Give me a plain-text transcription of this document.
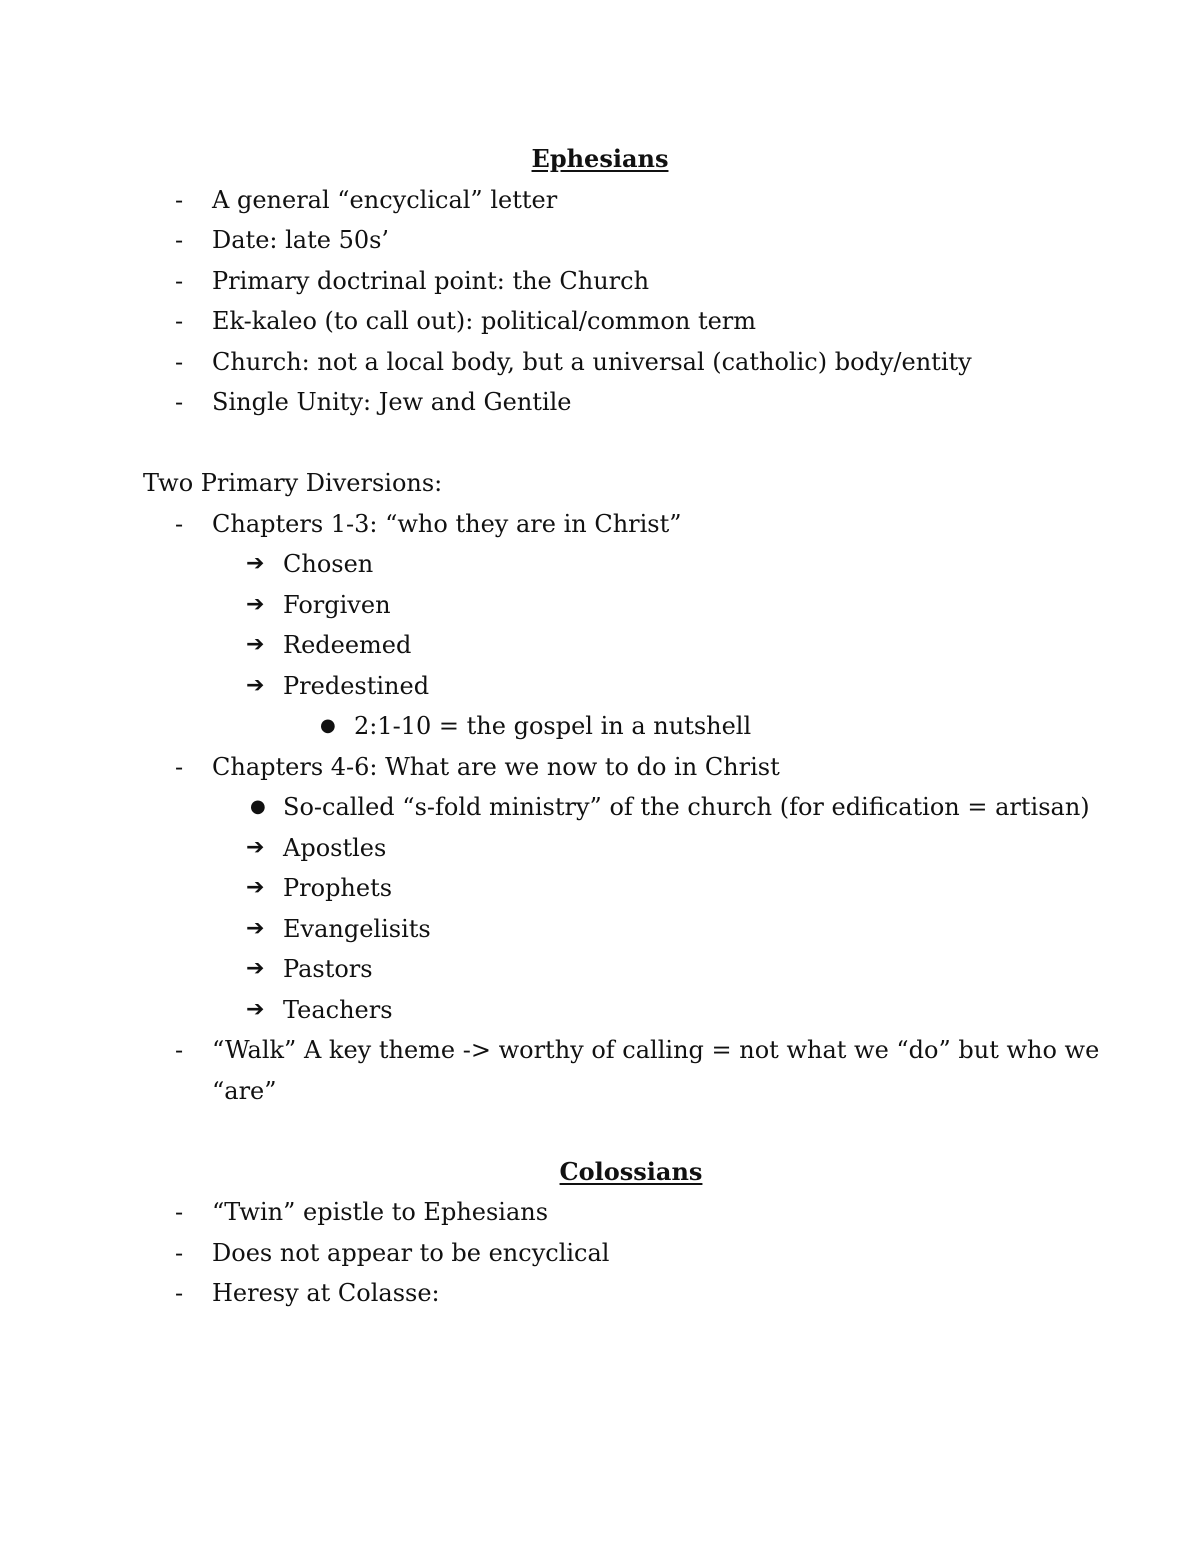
Ephesians
- A general “encyclical” letter
- Date: late 50s’
- Primary doctrinal point: the Church
- Ek-kaleo (to call out): political/common term
- Church: not a local body, but a universal (catholic) body/entity
- Single Unity: Jew and Gentile
Two Primary Diversions:
- Chapters 1-3: “who they are in Christ”
➔ Chosen
➔ Forgiven
➔ Redeemed
➔ Predestined
● 2:1-10 = the gospel in a nutshell
- Chapters 4-6: What are we now to do in Christ
● So-called “s-fold ministry” of the church (for edification = artisan)
➔ Apostles
➔ Prophets
➔ Evangelisits
➔ Pastors
➔ Teachers
- “Walk” A key theme -> worthy of calling = not what we “do” but who we
“are”
Colossians
- “Twin” epistle to Ephesians
- Does not appear to be encyclical
- Heresy at Colasse:
